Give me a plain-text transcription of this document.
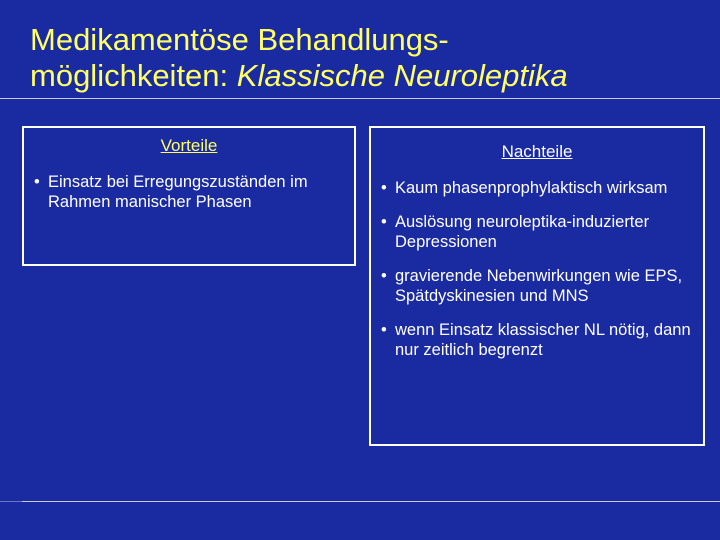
Medikamentöse Behandlungs-
möglichkeiten: Klassische Neuroleptika
Vorteile
• Einsatz bei Erregungszuständen im Rahmen manischer Phasen
Nachteile
• Kaum phasenprophylaktisch wirksam
• Auslösung neuroleptika-induzierter Depressionen
• gravierende Nebenwirkungen wie EPS, Spätdyskinesien und MNS
• wenn Einsatz klassischer NL nötig, dann nur zeitlich begrenzt
